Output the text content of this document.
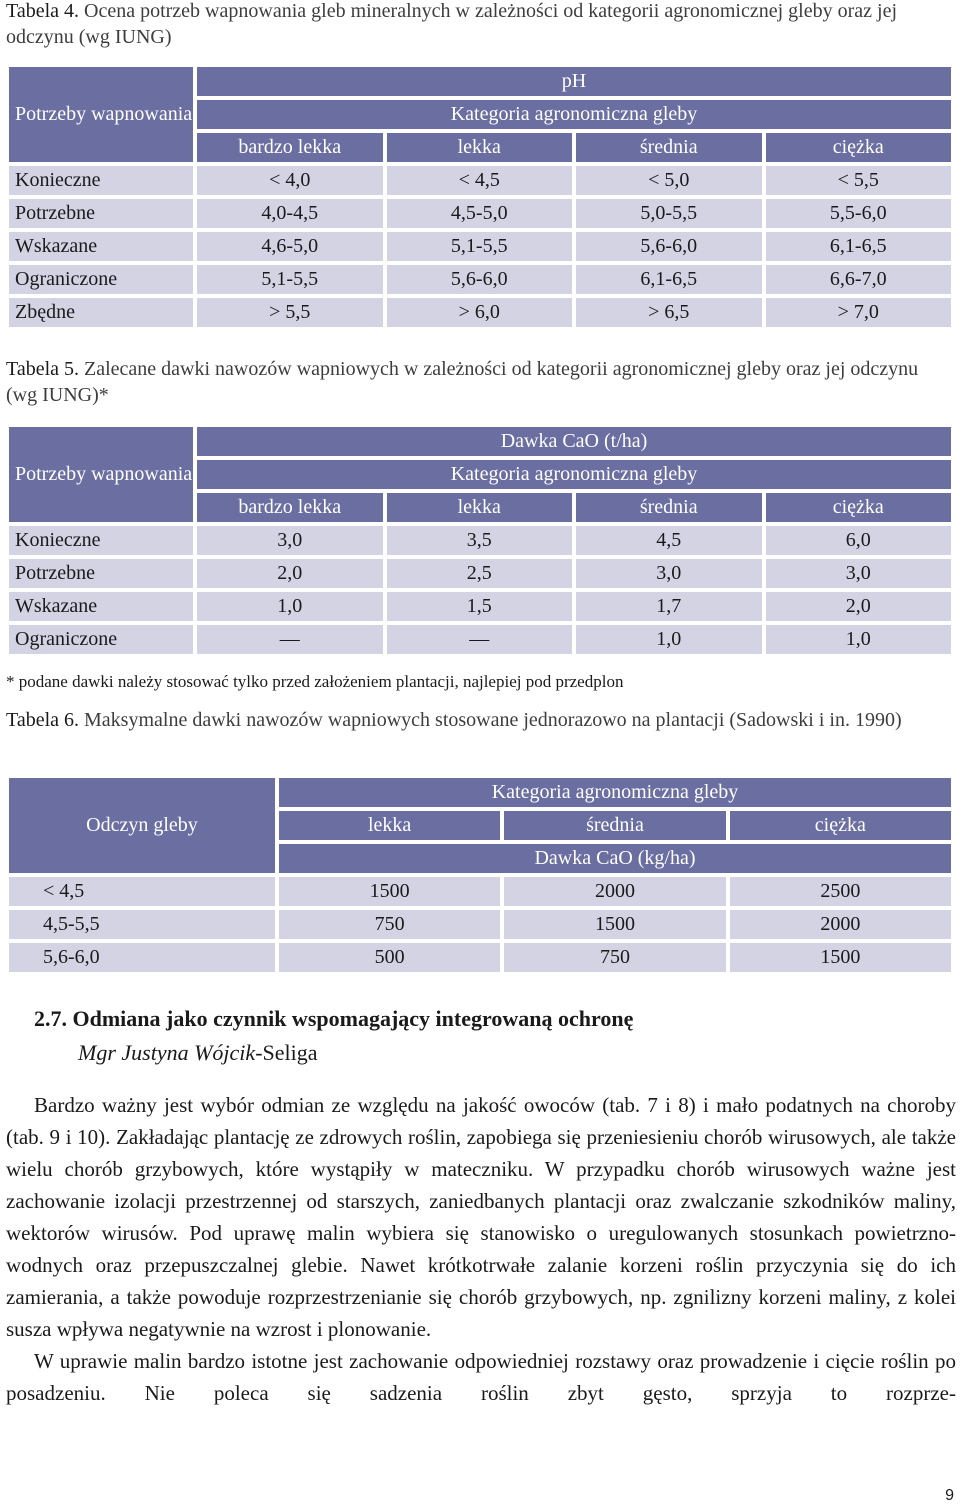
Tabela 4. Ocena potrzeb wapnowania gleb mineralnych w zależności od kategorii agronomicznej gleby oraz jej odczynu (wg IUNG)
Potrzeby wapnowania	pH			
	Kategoria agronomiczna gleby			
	bardzo lekka	lekka	średnia	ciężka
Konieczne	< 4,0	< 4,5	< 5,0	< 5,5
Potrzebne	4,0-4,5	4,5-5,0	5,0-5,5	5,5-6,0
Wskazane	4,6-5,0	5,1-5,5	5,6-6,0	6,1-6,5
Ograniczone	5,1-5,5	5,6-6,0	6,1-6,5	6,6-7,0
Zbędne	> 5,5	> 6,0	> 6,5	> 7,0
Tabela 5. Zalecane dawki nawozów wapniowych w zależności od kategorii agronomicznej gleby oraz jej odczynu (wg IUNG)*
Potrzeby wapnowania	Dawka CaO (t/ha)			
	Kategoria agronomiczna gleby			
	bardzo lekka	lekka	średnia	ciężka
Konieczne	3,0	3,5	4,5	6,0
Potrzebne	2,0	2,5	3,0	3,0
Wskazane	1,0	1,5	1,7	2,0
Ograniczone	—	—	1,0	1,0
* podane dawki należy stosować tylko przed założeniem plantacji, najlepiej pod przedplon
Tabela 6. Maksymalne dawki nawozów wapniowych stosowane jednorazowo na plantacji (Sadowski i in. 1990)
Odczyn gleby	Kategoria agronomiczna gleby		
	lekka	średnia	ciężka
	Dawka CaO (kg/ha)		
< 4,5	1500	2000	2500
4,5-5,5	750	1500	2000
5,6-6,0	500	750	1500
2.7. Odmiana jako czynnik wspomagający integrowaną ochronę
Mgr Justyna Wójcik-Seliga

Bardzo ważny jest wybór odmian ze względu na jakość owoców (tab. 7 i 8) i mało podatnych na choroby (tab. 9 i 10). Zakładając plantację ze zdrowych roślin, zapobiega się przeniesieniu chorób wirusowych, ale także wielu chorób grzybowych, które wystąpiły w mateczniku. W przypadku chorób wirusowych ważne jest zachowanie izolacji przestrzennej od starszych, zaniedbanych plantacji oraz zwalczanie szkodników maliny, wektorów wirusów. Pod uprawę malin wybiera się stanowisko o uregulowanych stosunkach powietrzno-wodnych oraz przepuszczalnej glebie. Nawet krótkotrwałe zalanie korzeni roślin przyczynia się do ich zamierania, a także powoduje rozprzestrzenianie się chorób grzybowych, np. zgnilizny korzeni maliny, z kolei susza wpływa negatywnie na wzrost i plonowanie.

W uprawie malin bardzo istotne jest zachowanie odpowiedniej rozstawy oraz prowadzenie i cięcie roślin po posadzeniu. Nie poleca się sadzenia roślin zbyt gęsto, sprzyja to rozprze-

9
